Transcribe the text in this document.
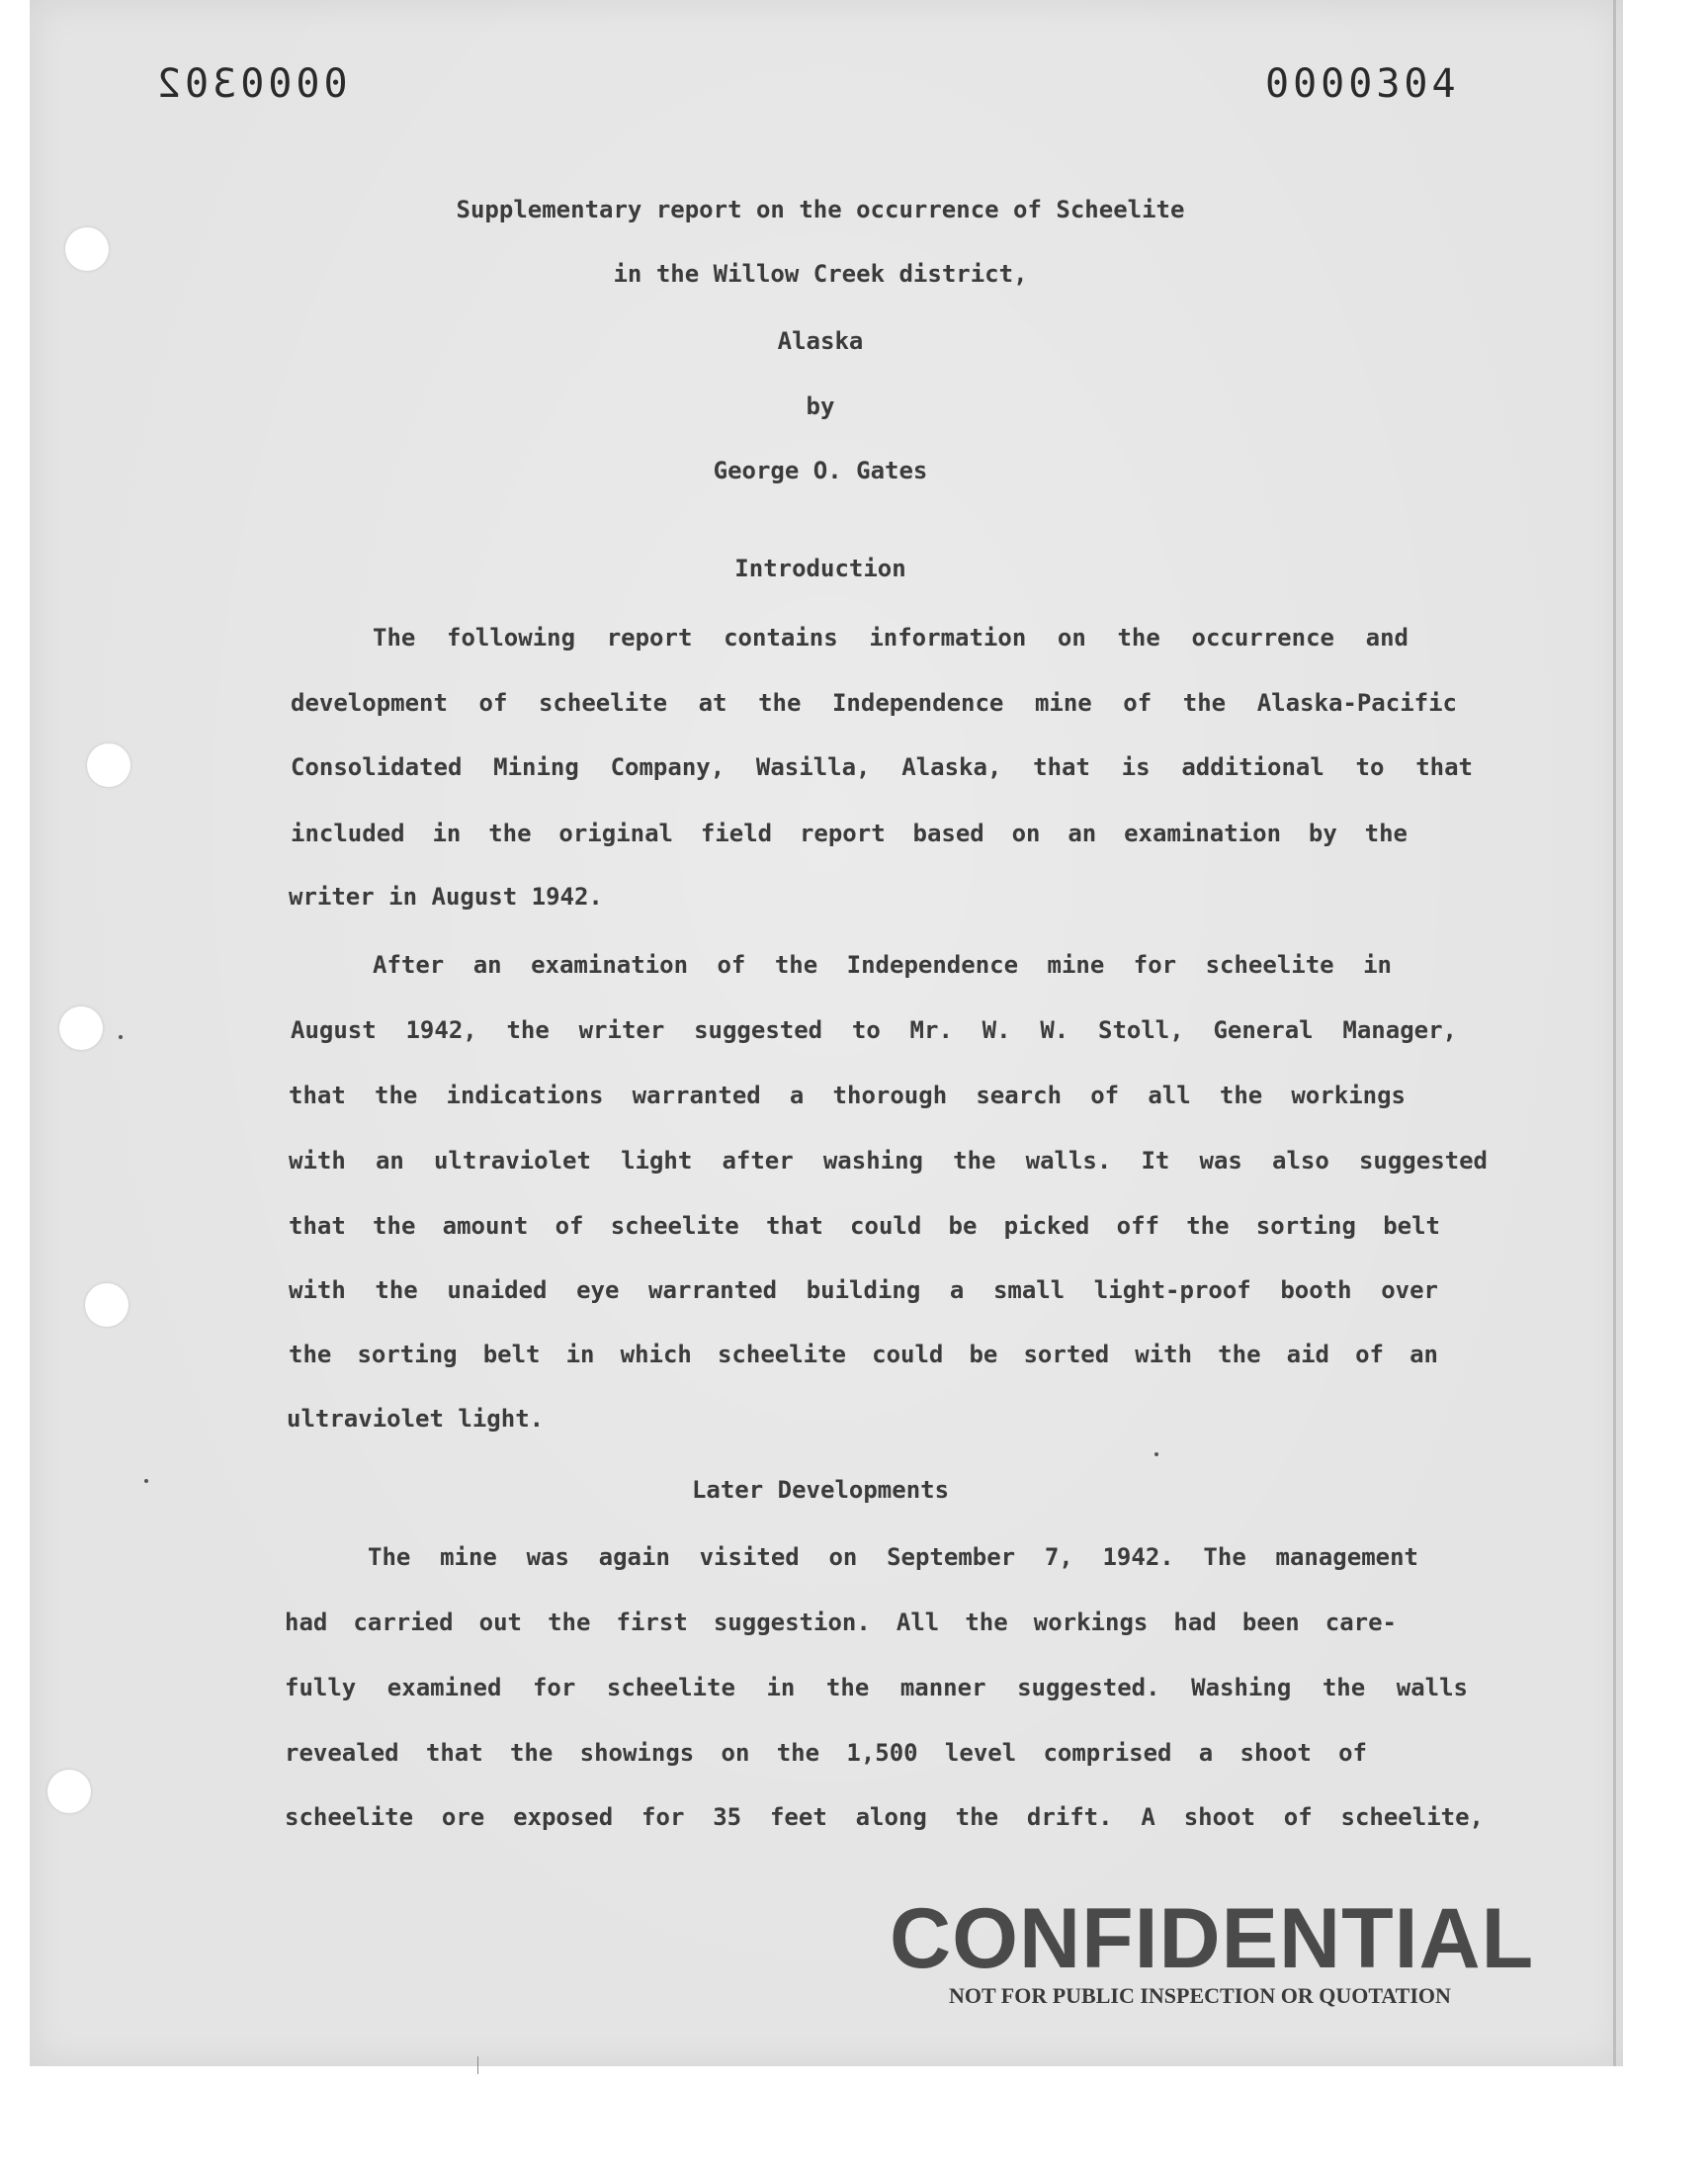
0000302	0000304
Supplementary report on the occurrence of Scheelite
in the Willow Creek district,
Alaska
by
George O. Gates
Introduction
The following report contains information on the occurrence and
development of scheelite at the Independence mine of the Alaska-Pacific
Consolidated Mining Company, Wasilla, Alaska, that is additional to that
included in the original field report based on an examination by the
writer in August 1942.
After an examination of the Independence mine for scheelite in
August 1942, the writer suggested to Mr. W. W. Stoll, General Manager,
that the indications warranted a thorough search of all the workings
with an ultraviolet light after washing the walls. It was also suggested
that the amount of scheelite that could be picked off the sorting belt
with the unaided eye warranted building a small light-proof booth over
the sorting belt in which scheelite could be sorted with the aid of an
ultraviolet light.
Later Developments
The mine was again visited on September 7, 1942. The management
had carried out the first suggestion. All the workings had been care-
fully examined for scheelite in the manner suggested. Washing the walls
revealed that the showings on the 1,500 level comprised a shoot of
scheelite ore exposed for 35 feet along the drift. A shoot of scheelite,
CONFIDENTIAL
NOT FOR PUBLIC INSPECTION OR QUOTATION
